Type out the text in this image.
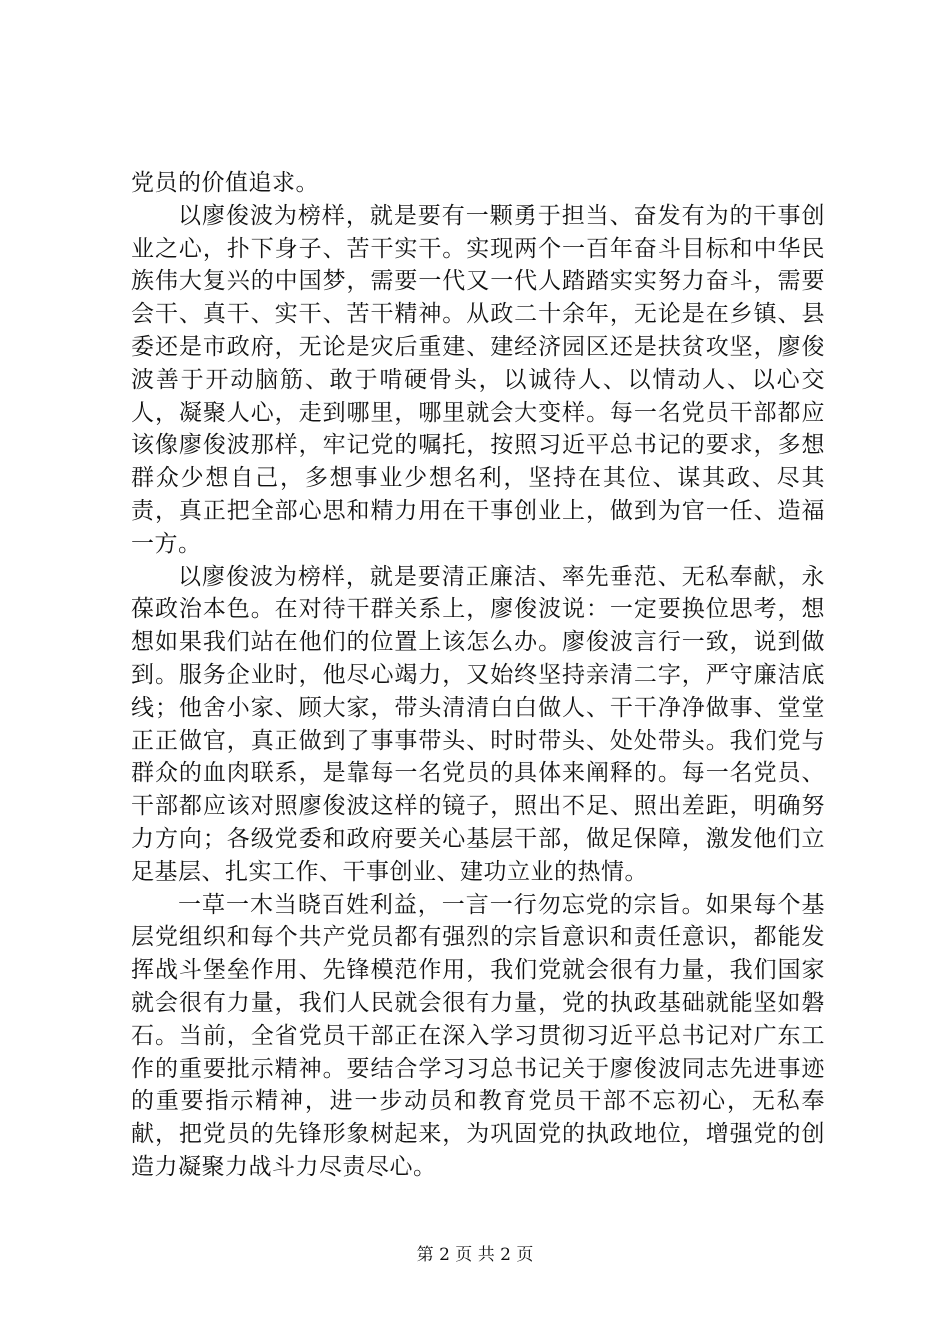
党员的价值追求。

以廖俊波为榜样，就是要有一颗勇于担当、奋发有为的干事创业之心，扑下身子、苦干实干。实现两个一百年奋斗目标和中华民族伟大复兴的中国梦，需要一代又一代人踏踏实实努力奋斗，需要会干、真干、实干、苦干精神。从政二十余年，无论是在乡镇、县委还是市政府，无论是灾后重建、建经济园区还是扶贫攻坚，廖俊波善于开动脑筋、敢于啃硬骨头，以诚待人、以情动人、以心交人，凝聚人心，走到哪里，哪里就会大变样。每一名党员干部都应该像廖俊波那样，牢记党的嘱托，按照习近平总书记的要求，多想群众少想自己，多想事业少想名利，坚持在其位、谋其政、尽其责，真正把全部心思和精力用在干事创业上，做到为官一任、造福一方。

以廖俊波为榜样，就是要清正廉洁、率先垂范、无私奉献，永葆政治本色。在对待干群关系上，廖俊波说：一定要换位思考，想想如果我们站在他们的位置上该怎么办。廖俊波言行一致，说到做到。服务企业时，他尽心竭力，又始终坚持亲清二字，严守廉洁底线；他舍小家、顾大家，带头清清白白做人、干干净净做事、堂堂正正做官，真正做到了事事带头、时时带头、处处带头。我们党与群众的血肉联系，是靠每一名党员的具体来阐释的。每一名党员、干部都应该对照廖俊波这样的镜子，照出不足、照出差距，明确努力方向；各级党委和政府要关心基层干部，做足保障，激发他们立足基层、扎实工作、干事创业、建功立业的热情。

一草一木当晓百姓利益，一言一行勿忘党的宗旨。如果每个基层党组织和每个共产党员都有强烈的宗旨意识和责任意识，都能发挥战斗堡垒作用、先锋模范作用，我们党就会很有力量，我们国家就会很有力量，我们人民就会很有力量，党的执政基础就能坚如磐石。当前，全省党员干部正在深入学习贯彻习近平总书记对广东工作的重要批示精神。要结合学习习总书记关于廖俊波同志先进事迹的重要指示精神，进一步动员和教育党员干部不忘初心，无私奉献，把党员的先锋形象树起来，为巩固党的执政地位，增强党的创造力凝聚力战斗力尽责尽心。

第 2 页 共 2 页
